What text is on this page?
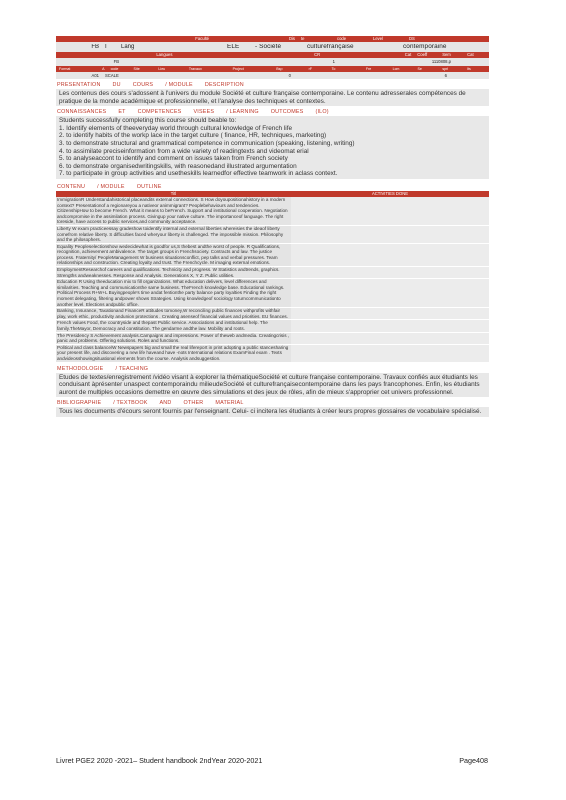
Faculté	Dis	te	code	Level	DS
FB	I	Lang	ELE	- Société	culturefrançaise	contemporaine
Langues	CR	Cat	Coeff	Sem	Cat
FB	1	1110808.p
Format	A	code	Site	Lieu	Travaux	Project	Bsp	rF	To	Fre	Lcm	Se	sprl	lts
A01	SCALE	0	6
PRESENTATION DU COURS / MODULE DESCRIPTION

Les contenus des cours s'adossent à l'univers du module Société et culture française contemporaine. Le contenu adresserales compétences de pratique de la monde académique et professionnelle, et l'analyse des techniques et contextes.

CONNAISSANCES ET COMPETENCES VISEES / LEARNING OUTCOMES (ILO)

Students successfully completing this course should beable to:

1. Identify elements of theeveryday world through cultural knowledge of French life

2. to identify habits of the workp lace in the target culture ( finance, HR, techniques, marketing)

3. to demonstrate structural and grammatical competence in communication (speaking, listening, writing)

4. to assimilate preciseinformation from a wide variety of readingtexts and videomat erial

5. to analyseaccont to identify and comment on issues taken from French society

6. to demonstrate organisedwritingskills, with reasonedand illustrated argumentation

7. to participate in group activities and usetheskills learnedfor effective teamwork in aclass context.

CONTENU / MODULE OUTLINE
Titl	ACTIVITIES DONE
ImmigrationR Understandahistorical placeandits external connections. S How doyoupositionahistory in a modern context? Presentationof a regionareyou a nativeor animmigrant? Peoplebehaviours and tendencies. CitizenshipHow to become French. What it means to beFrench. Support and institutional cooperation. Negotiation andcompromise in the assimilation process. Givingup your native culture. The importanceof language. The right toreside, have access to public services,and community acceptance.
Liberty W exam practiceessay gradeshow toidentify internal and external liberties whereisies the ideaof liberty comefrom relative liberty. S difficulties faced wheryour liberty is challenged. The impossible mission. Philosophy and the philosophers.
Equality Peopleselectionshow wedecidewhat is goodfor us,S thebest andthe worst of people. R Qualifications, recognition, achievement ambivalence. The target groups in Frenchsociety. Contracts and law. The justice process. Fraternity/ PeopleManagement W business situationsconflict, pep talks and verbal pressures. Team relationships and construction. Creating loyalty and trust. The Frenchcycle. M imaging external emotions.
EmploymentResearchof careers and qualifications. Technicity and progress. W Statistics andtrends, graphics. Strengths andweaknesses. Response and Analysis. Generations X, Y Z. Public utilities.
Education R Using theeducation mix to fill organizations. What education delivers, level differences and similarities. Teaching and communicationthe same business. TheFrench knowledge base. Educational rankings. Political Process R+W+L Buyingpeople's time andat fentionthe party balance party loyalties Finding the right moment delegating, filtering andpower shows Strategies. Using knowledgeof sociology toturncommunicationto another level. Elections andpublic office.
Banking, Insurance, Taxationand FinanceR attitudes tomoney,W reconciling public finances withprofits withfair play, work ethic, productivity andunion protections . Creating asenseof financial values and priorities. EU finances.
French values Food, the countryside and thepast Public service. Associations and institutional help. The family.TheMayor, Democracy and constitution. The gendarme andthe law. Mobility and roots.
The Presidency S Achievement analysis.Campaigns and impressions. Power of theweb andmedia. Creatingcrisis , panic and problems. Offering solutions. Roles and functions.
Political and class balance/W Newspapers big and small the real lifereport in print adopting a public stancesharing your present life, and discovering a new life haveand have -nots International relations ExamFinal exam . Texts andvideosshowingsituational elements from the course. Analysis andsuggestion.
METHODOLOGIE / TEACHING

Etudes de textes/enregistrement /vidéo visant à explorer la thématiqueSociété et culture française contemporaine. Travaux confiés aux étudiants les conduisant àprésenter unaspect contemporaindu milieudeSociété et culturefrançaisecontemporaine dans les pays francophones. Enfin, les étudiants auront de multiples occasions demettre en œuvre des simulations et des jeux de rôles, afin de mieux s'approprier cet univers professionnel.

BIBLIOGRAPHIE / TEXTBOOK AND OTHER MATERIAL

Tous les documents d'écours seront fournis par l'enseignant. Celui- ci incitera les étudiants à créer leurs propres glossaires de vocabulaire spécialisé.

Livret PGE2 2020 -2021– Student handbook 2ndYear 2020-2021	Page408
